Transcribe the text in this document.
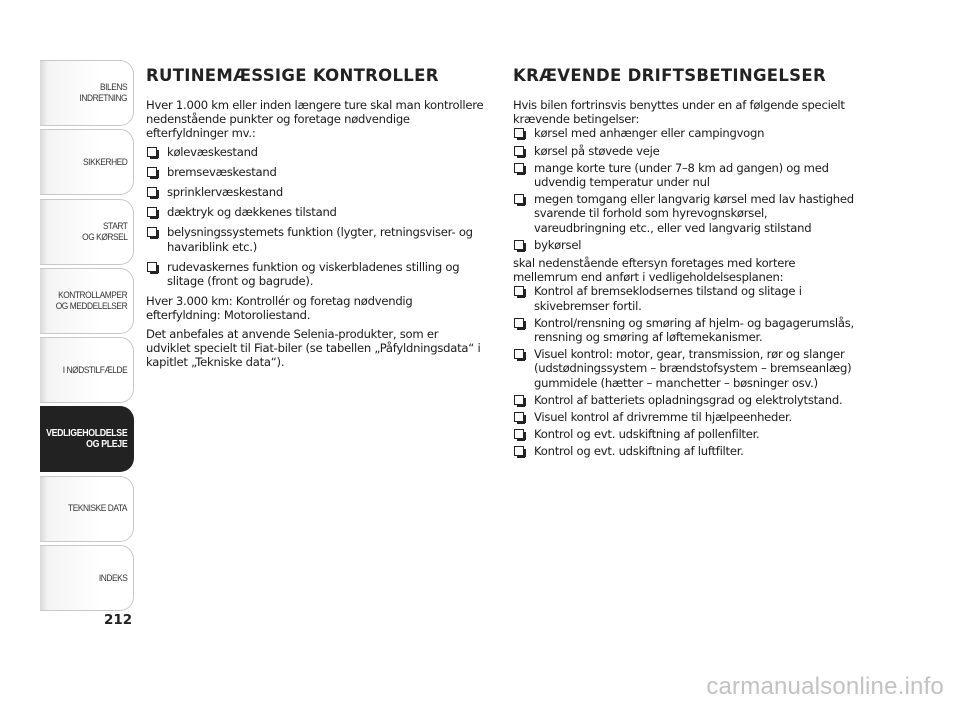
BILENS
INDRETNING
SIKKERHED
START
OG KØRSEL
KONTROLLAMPER
OG MEDDELELSER
I NØDSTILFÆLDE
VEDLIGEHOLDELSE
OG PLEJE
TEKNISKE DATA
INDEKS
212
RUTINEMÆSSIGE KONTROLLER

Hver 1.000 km eller inden længere ture skal man kontrollere nedenstående punkter og foretage nødvendige efterfyldninger mv.:

kølevæskestand
bremsevæskestand
sprinklervæskestand
dæktryk og dækkenes tilstand
belysningssystemets funktion (lygter, retningsviser- og havariblink etc.)
rudevaskernes funktion og viskerbladenes stilling og slitage (front og bagrude).

Hver 3.000 km: Kontrollér og foretag nødvendig efterfyldning: Motoroliestand.

Det anbefales at anvende Selenia-produkter, som er udviklet specielt til Fiat-biler (se tabellen „Påfyldningsdata“ i kapitlet „Tekniske data“).

KRÆVENDE DRIFTSBETINGELSER

Hvis bilen fortrinsvis benyttes under en af følgende specielt krævende betingelser:

kørsel med anhænger eller campingvogn
kørsel på støvede veje
mange korte ture (under 7–8 km ad gangen) og med udvendig temperatur under nul
megen tomgang eller langvarig kørsel med lav hastighed svarende til forhold som hyrevognskørsel, vareudbringning etc., eller ved langvarig stilstand
bykørsel

skal nedenstående eftersyn foretages med kortere mellemrum end anført i vedligeholdelsesplanen:

Kontrol af bremseklodsernes tilstand og slitage i skivebremser fortil.
Kontrol/rensning og smøring af hjelm- og bagagerumslås, rensning og smøring af løftemekanismer.
Visuel kontrol: motor, gear, transmission, rør og slanger (udstødningssystem – brændstofsystem – bremseanlæg) gummidele (hætter – manchetter – bøsninger osv.)
Kontrol af batteriets opladningsgrad og elektrolytstand.
Visuel kontrol af drivremme til hjælpeenheder.
Kontrol og evt. udskiftning af pollenfilter.
Kontrol og evt. udskiftning af luftfilter.
carmanualsonline.info
